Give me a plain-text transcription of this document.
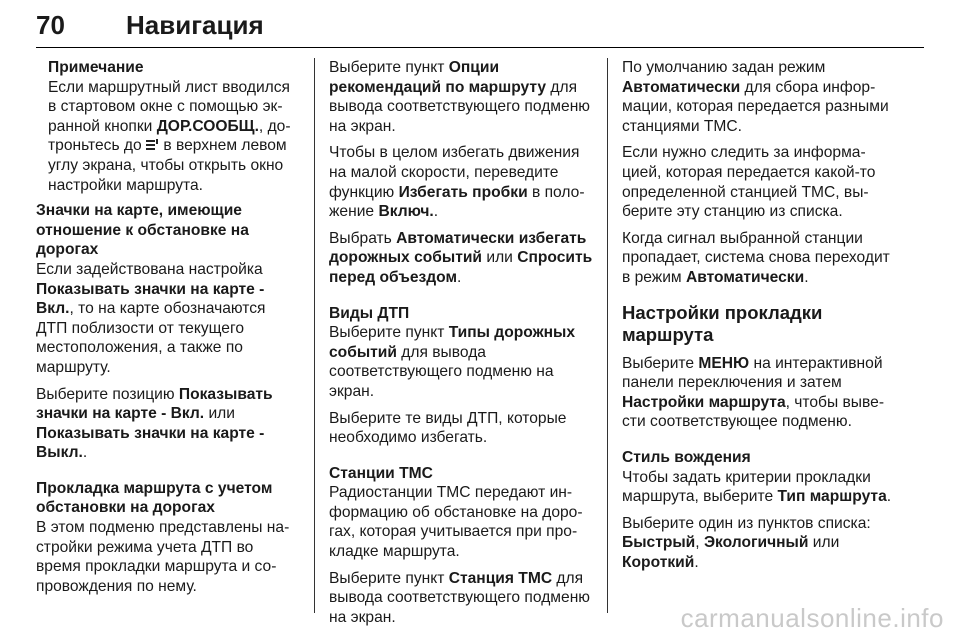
70 Навигация
Примечание
Если маршрутный лист вводился в стартовом окне с помощью экранной кнопки ДОР.СООБЩ., дотроньтесь до
в верхнем левом углу экрана, чтобы открыть окно настройки маршрута.
Значки на карте, имеющие отношение к обстановке на дорогах

Если задействована настройка Показывать значки на карте - Вкл., то на карте обозначаются ДТП поблизости от текущего местоположения, а также по маршруту.

Выберите позицию Показывать значки на карте - Вкл. или Показывать значки на карте - Выкл..

Прокладка маршрута с учетом обстановки на дорогах

В этом подменю представлены настройки режима учета ДТП во время прокладки маршрута и сопровождения по нему.

Выберите пункт Опции рекомендаций по маршруту для вывода соответствующего подменю на экран.

Чтобы в целом избегать движения на малой скорости, переведите функцию Избегать пробки в положение Включ..

Выбрать Автоматически избегать дорожных событий или Спросить перед объездом.

Виды ДТП

Выберите пункт Типы дорожных событий для вывода соответствующего подменю на экран.

Выберите те виды ДТП, которые необходимо избегать.

Станции TMC

Радиостанции TMC передают информацию об обстановке на дорогах, которая учитывается при прокладке маршрута.

Выберите пункт Станция TMC для вывода соответствующего подменю на экран.

По умолчанию задан режим Автоматически для сбора информации, которая передается разными станциями TMC.

Если нужно следить за информацией, которая передается какой-то определенной станцией TMC, выберите эту станцию из списка.

Когда сигнал выбранной станции пропадает, система снова переходит в режим Автоматически.

Настройки прокладки маршрута

Выберите МЕНЮ на интерактивной панели переключения и затем Настройки маршрута, чтобы вывести соответствующее подменю.

Стиль вождения

Чтобы задать критерии прокладки маршрута, выберите Тип маршрута.

Выберите один из пунктов списка: Быстрый, Экологичный или Короткий.

carmanualsonline.info
